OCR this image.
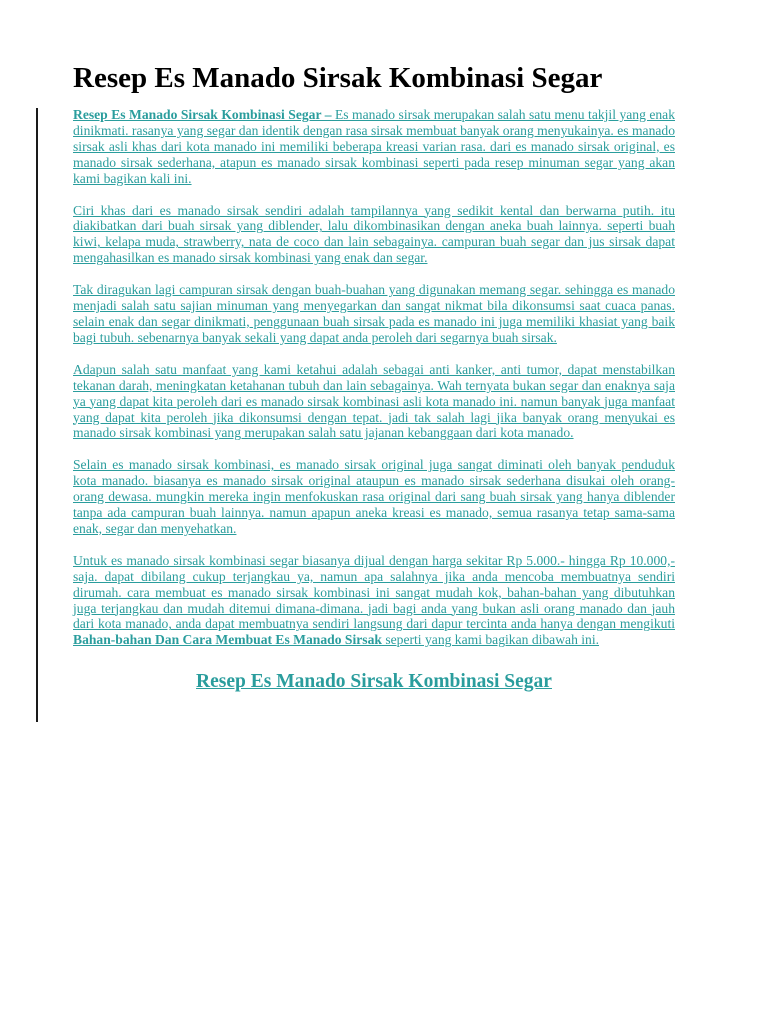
Resep Es Manado Sirsak Kombinasi Segar

Resep Es Manado Sirsak Kombinasi Segar – Es manado sirsak merupakan salah satu menu takjil yang enak dinikmati. rasanya yang segar dan identik dengan rasa sirsak membuat banyak orang menyukainya. es manado sirsak asli khas dari kota manado ini memiliki beberapa kreasi varian rasa. dari es manado sirsak original, es manado sirsak sederhana, atapun es manado sirsak kombinasi seperti pada resep minuman segar yang akan kami bagikan kali ini.

Ciri khas dari es manado sirsak sendiri adalah tampilannya yang sedikit kental dan berwarna putih. itu diakibatkan dari buah sirsak yang diblender, lalu dikombinasikan dengan aneka buah lainnya. seperti buah kiwi, kelapa muda, strawberry, nata de coco dan lain sebagainya. campuran buah segar dan jus sirsak dapat mengahasilkan es manado sirsak kombinasi yang enak dan segar.

Tak diragukan lagi campuran sirsak dengan buah-buahan yang digunakan memang segar. sehingga es manado menjadi salah satu sajian minuman yang menyegarkan dan sangat nikmat bila dikonsumsi saat cuaca panas. selain enak dan segar dinikmati, penggunaan buah sirsak pada es manado ini juga memiliki khasiat yang baik bagi tubuh. sebenarnya banyak sekali yang dapat anda peroleh dari segarnya buah sirsak.

Adapun salah satu manfaat yang kami ketahui adalah sebagai anti kanker, anti tumor, dapat menstabilkan tekanan darah, meningkatan ketahanan tubuh dan lain sebagainya. Wah ternyata bukan segar dan enaknya saja ya yang dapat kita peroleh dari es manado sirsak kombinasi asli kota manado ini. namun banyak juga manfaat yang dapat kita peroleh jika dikonsumsi dengan tepat. jadi tak salah lagi jika banyak orang menyukai es manado sirsak kombinasi yang merupakan salah satu jajanan kebanggaan dari kota manado.

Selain es manado sirsak kombinasi, es manado sirsak original juga sangat diminati oleh banyak penduduk kota manado. biasanya es manado sirsak original ataupun es manado sirsak sederhana disukai oleh orang-orang dewasa. mungkin mereka ingin menfokuskan rasa original dari sang buah sirsak yang hanya diblender tanpa ada campuran buah lainnya. namun apapun aneka kreasi es manado, semua rasanya tetap sama-sama enak, segar dan menyehatkan.

Untuk es manado sirsak kombinasi segar biasanya dijual dengan harga sekitar Rp 5.000.- hingga Rp 10.000,- saja. dapat dibilang cukup terjangkau ya, namun apa salahnya jika anda mencoba membuatnya sendiri dirumah. cara membuat es manado sirsak kombinasi ini sangat mudah kok, bahan-bahan yang dibutuhkan juga terjangkau dan mudah ditemui dimana-dimana. jadi bagi anda yang bukan asli orang manado dan jauh dari kota manado, anda dapat membuatnya sendiri langsung dari dapur tercinta anda hanya dengan mengikuti Bahan-bahan Dan Cara Membuat Es Manado Sirsak seperti yang kami bagikan dibawah ini.

Resep Es Manado Sirsak Kombinasi Segar
